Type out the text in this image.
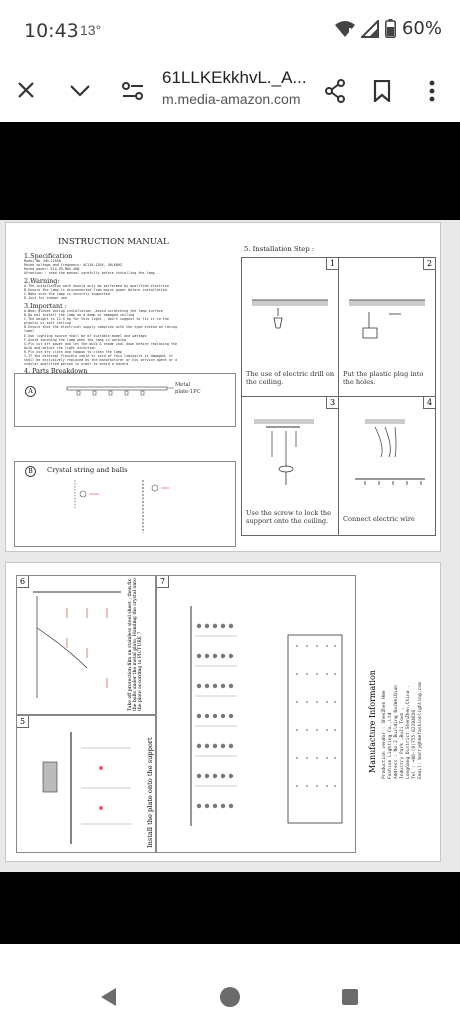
10:43 13°	60%
61LLKEkkhvL._A...
m.media-amazon.com
INSTRUCTION MANUAL
1.Specification
Model No.:HD-22558
Rated voltage and frequency: AC110-120V, 50/60HZ
Rated power: E14,G9,MAX.40W
Attention : read the manual carefully before installing the lamp .
2.Warning:
A.The installation work should only be performed by qualified electrian
B.Ensure the lamp is disconnected from mains power before installation.
C.Make sure the lamp is securely supported
D.Just for indoor use
3.Important :
A.Wear gloves during installation ,avoid scratching the lamp surface
B.Do not install the lamp on a damp or damaged ceiling
C.The weight is 12.5 kg for this light , don't suggest to fit it to the
plastic or soft ceiling
D.Ensure that the electrical supply complies with the type stated on rating
label
E.Use lighting source shall be of suitable model and wattage
F.Avoid touching the lamp when the lamp is working
G.Pls cut off power and let the bulb & shade cool down before replacing the
bulb and adjust the light direction
H.Pls use dry cloth and tampon to clean the lamp
I.If the external flexible cable or cord of this luminaire is damaged, it
shall be exclusively replaced by the manufacturer or his service agent or a
similar qualified person in order to avoid a hazard
4. Parts Breakdown
A
Metal
plate·1PC
B	Crystal string and balls
5. Installation Step :
1
The use of electric drill on the ceiling.
2
Put the plastic plug into the holes.
3
Use the screw to lock the support onto the ceiling.
4
Connect electric wire
6	Take off protection film on stainless steel sheet ; then fix the balls under the metal plate, Handing the crystal onto the plate according to PICTURE 7
5
Install the plate onto the support
7
Manufacture Information Production vendor : ShenZhen Hme Fashion Lighting Co.,Ltd Address : No.2 Building BaiWeiQian Industry Park ,BuJi Town , LongGang District ShenZhen,China . Tel : +86-(0)755-82284656 Email: barry@hmefashionlighting.com
